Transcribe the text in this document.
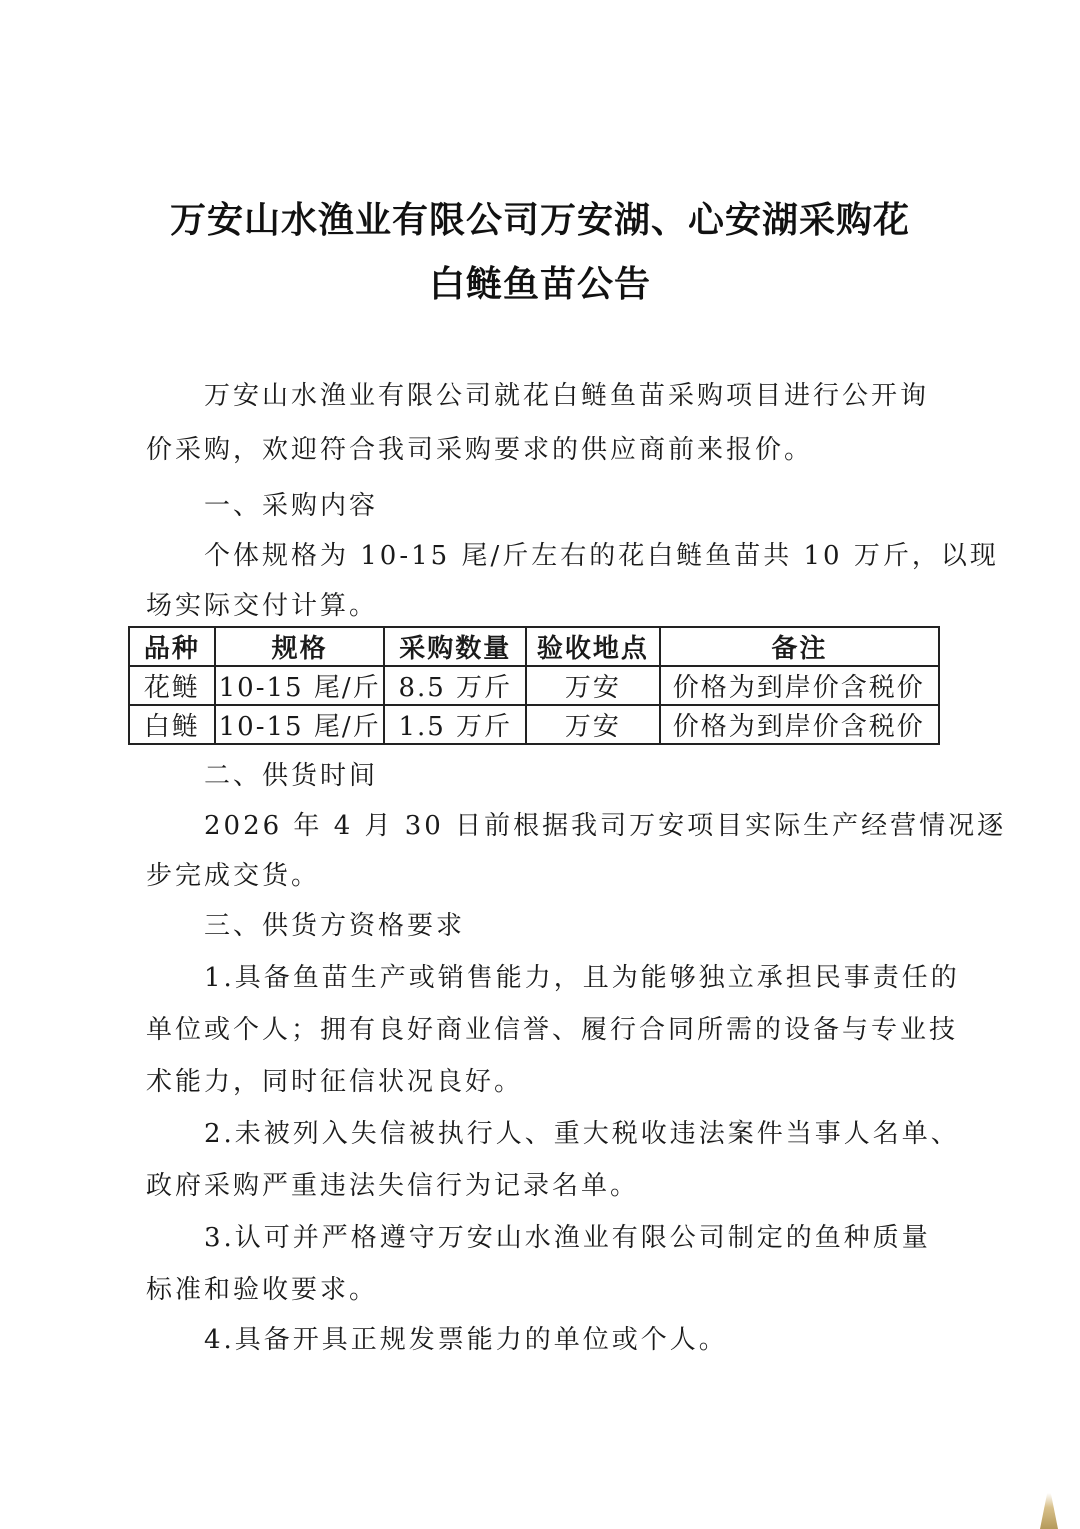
万安山水渔业有限公司万安湖、心安湖采购花
白鲢鱼苗公告
万安山水渔业有限公司就花白鲢鱼苗采购项目进行公开询
价采购，欢迎符合我司采购要求的供应商前来报价。
一、采购内容
个体规格为 10-15 尾/斤左右的花白鲢鱼苗共 10 万斤，以现
场实际交付计算。
品种	规格	采购数量	验收地点	备注
花鲢	10-15 尾/斤	8.5 万斤	万安	价格为到岸价含税价
白鲢	10-15 尾/斤	1.5 万斤	万安	价格为到岸价含税价
二、供货时间
2026 年 4 月 30 日前根据我司万安项目实际生产经营情况逐
步完成交货。
三、供货方资格要求
1.具备鱼苗生产或销售能力，且为能够独立承担民事责任的
单位或个人；拥有良好商业信誉、履行合同所需的设备与专业技
术能力，同时征信状况良好。
2.未被列入失信被执行人、重大税收违法案件当事人名单、
政府采购严重违法失信行为记录名单。
3.认可并严格遵守万安山水渔业有限公司制定的鱼种质量
标准和验收要求。
4.具备开具正规发票能力的单位或个人。
